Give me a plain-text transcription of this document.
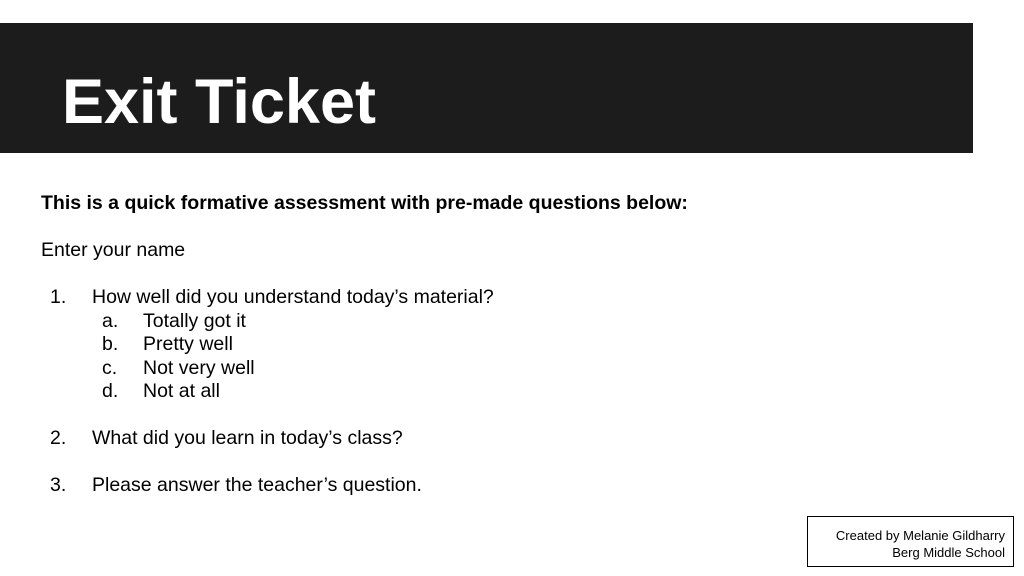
Exit Ticket

This is a quick formative assessment with pre-made questions below:

Enter your name

1. How well did you understand today’s material?
a. Totally got it
b. Pretty well
c. Not very well
d. Not at all
2. What did you learn in today’s class?
3. Please answer the teacher’s question.
Created by Melanie Gildharry
Berg Middle School
